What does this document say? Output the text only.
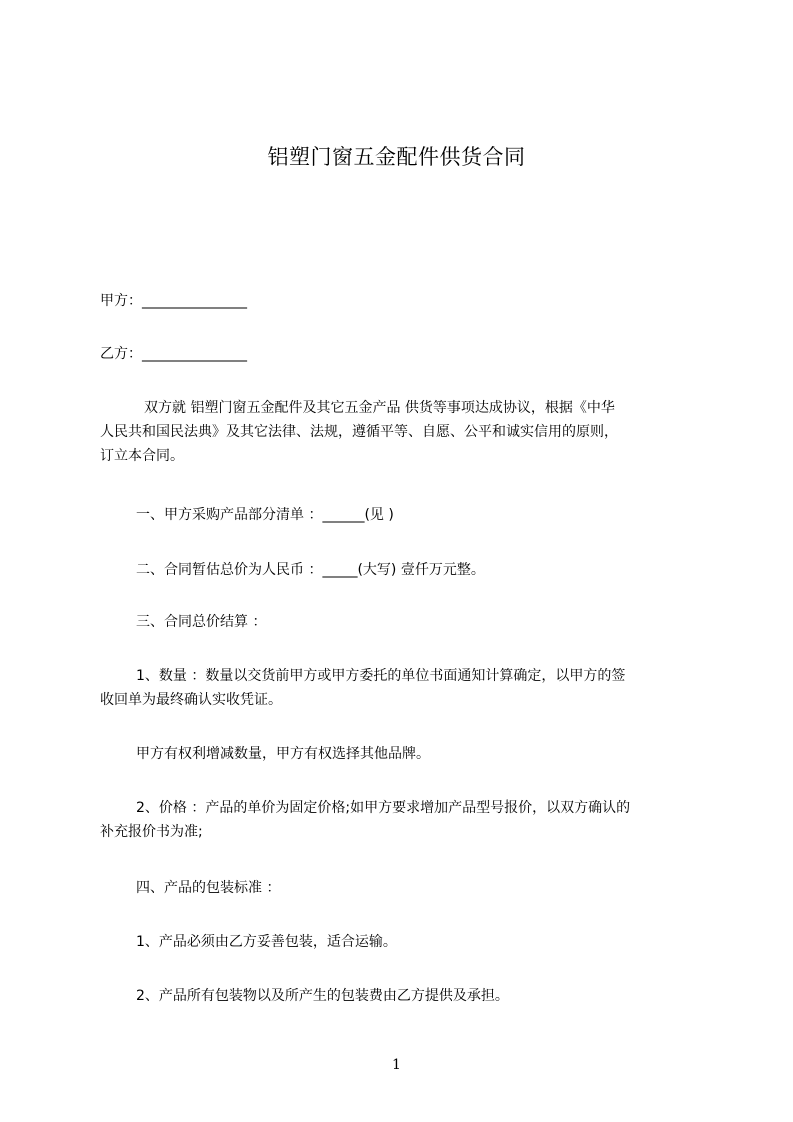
铝塑门窗五金配件供货合同
甲方：_______________
乙方：_______________
　双方就 铝塑门窗五金配件及其它五金产品 供货等事项达成协议，根据《中华
人民共和国民法典》及其它法律、法规，遵循平等、自愿、公平和诚实信用的原则，
订立本合同。
一、甲方采购产品部分清单 ：______(见 )
二、合同暂估总价为人民币 ：_____(大写) 壹仟万元整。
三、合同总价结算 ：
1、数量 ：数量以交货前甲方或甲方委托的单位书面通知计算确定，以甲方的签
收回单为最终确认实收凭证。
甲方有权利增减数量，甲方有权选择其他品牌。
2、价格 ：产品的单价为固定价格;如甲方要求增加产品型号报价，以双方确认的
补充报价书为准;
四、产品的包装标准 ：
1、产品必须由乙方妥善包装，适合运输。
2、产品所有包装物以及所产生的包装费由乙方提供及承担。
1
